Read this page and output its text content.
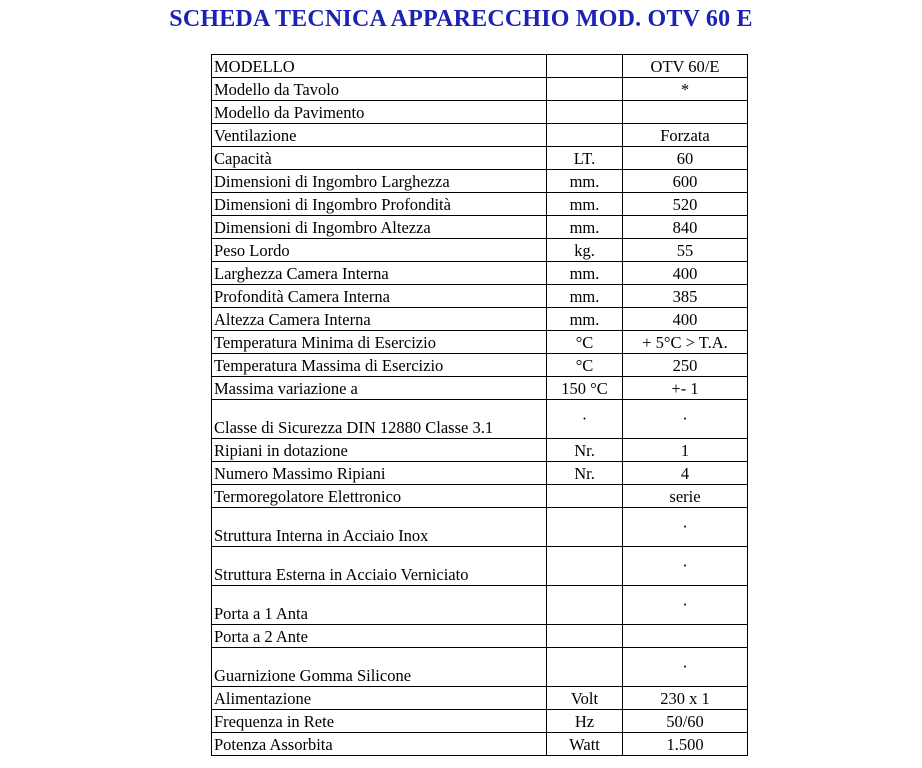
SCHEDA TECNICA APPARECCHIO MOD. OTV 60 E
MODELLO		OTV 60/E
Modello da Tavolo		*
Modello da Pavimento		
Ventilazione		Forzata
Capacità	LT.	60
Dimensioni di Ingombro Larghezza	mm.	600
Dimensioni di Ingombro Profondità	mm.	520
Dimensioni di Ingombro Altezza	mm.	840
Peso Lordo	kg.	55
Larghezza Camera Interna	mm.	400
Profondità Camera Interna	mm.	385
Altezza Camera Interna	mm.	400
Temperatura Minima di Esercizio	°C	+ 5°C > T.A.
Temperatura Massima di Esercizio	°C	250
Massima variazione a	150 °C	+- 1
Classe di Sicurezza DIN 12880 Classe 3.1	·	·
Ripiani in dotazione	Nr.	1
Numero Massimo Ripiani	Nr.	4
Termoregolatore Elettronico		serie
Struttura Interna in Acciaio Inox		·
Struttura Esterna in Acciaio Verniciato		·
Porta a 1 Anta		·
Porta a 2 Ante		
Guarnizione Gomma Silicone		·
Alimentazione	Volt	230 x 1
Frequenza in Rete	Hz	50/60
Potenza Assorbita	Watt	1.500
